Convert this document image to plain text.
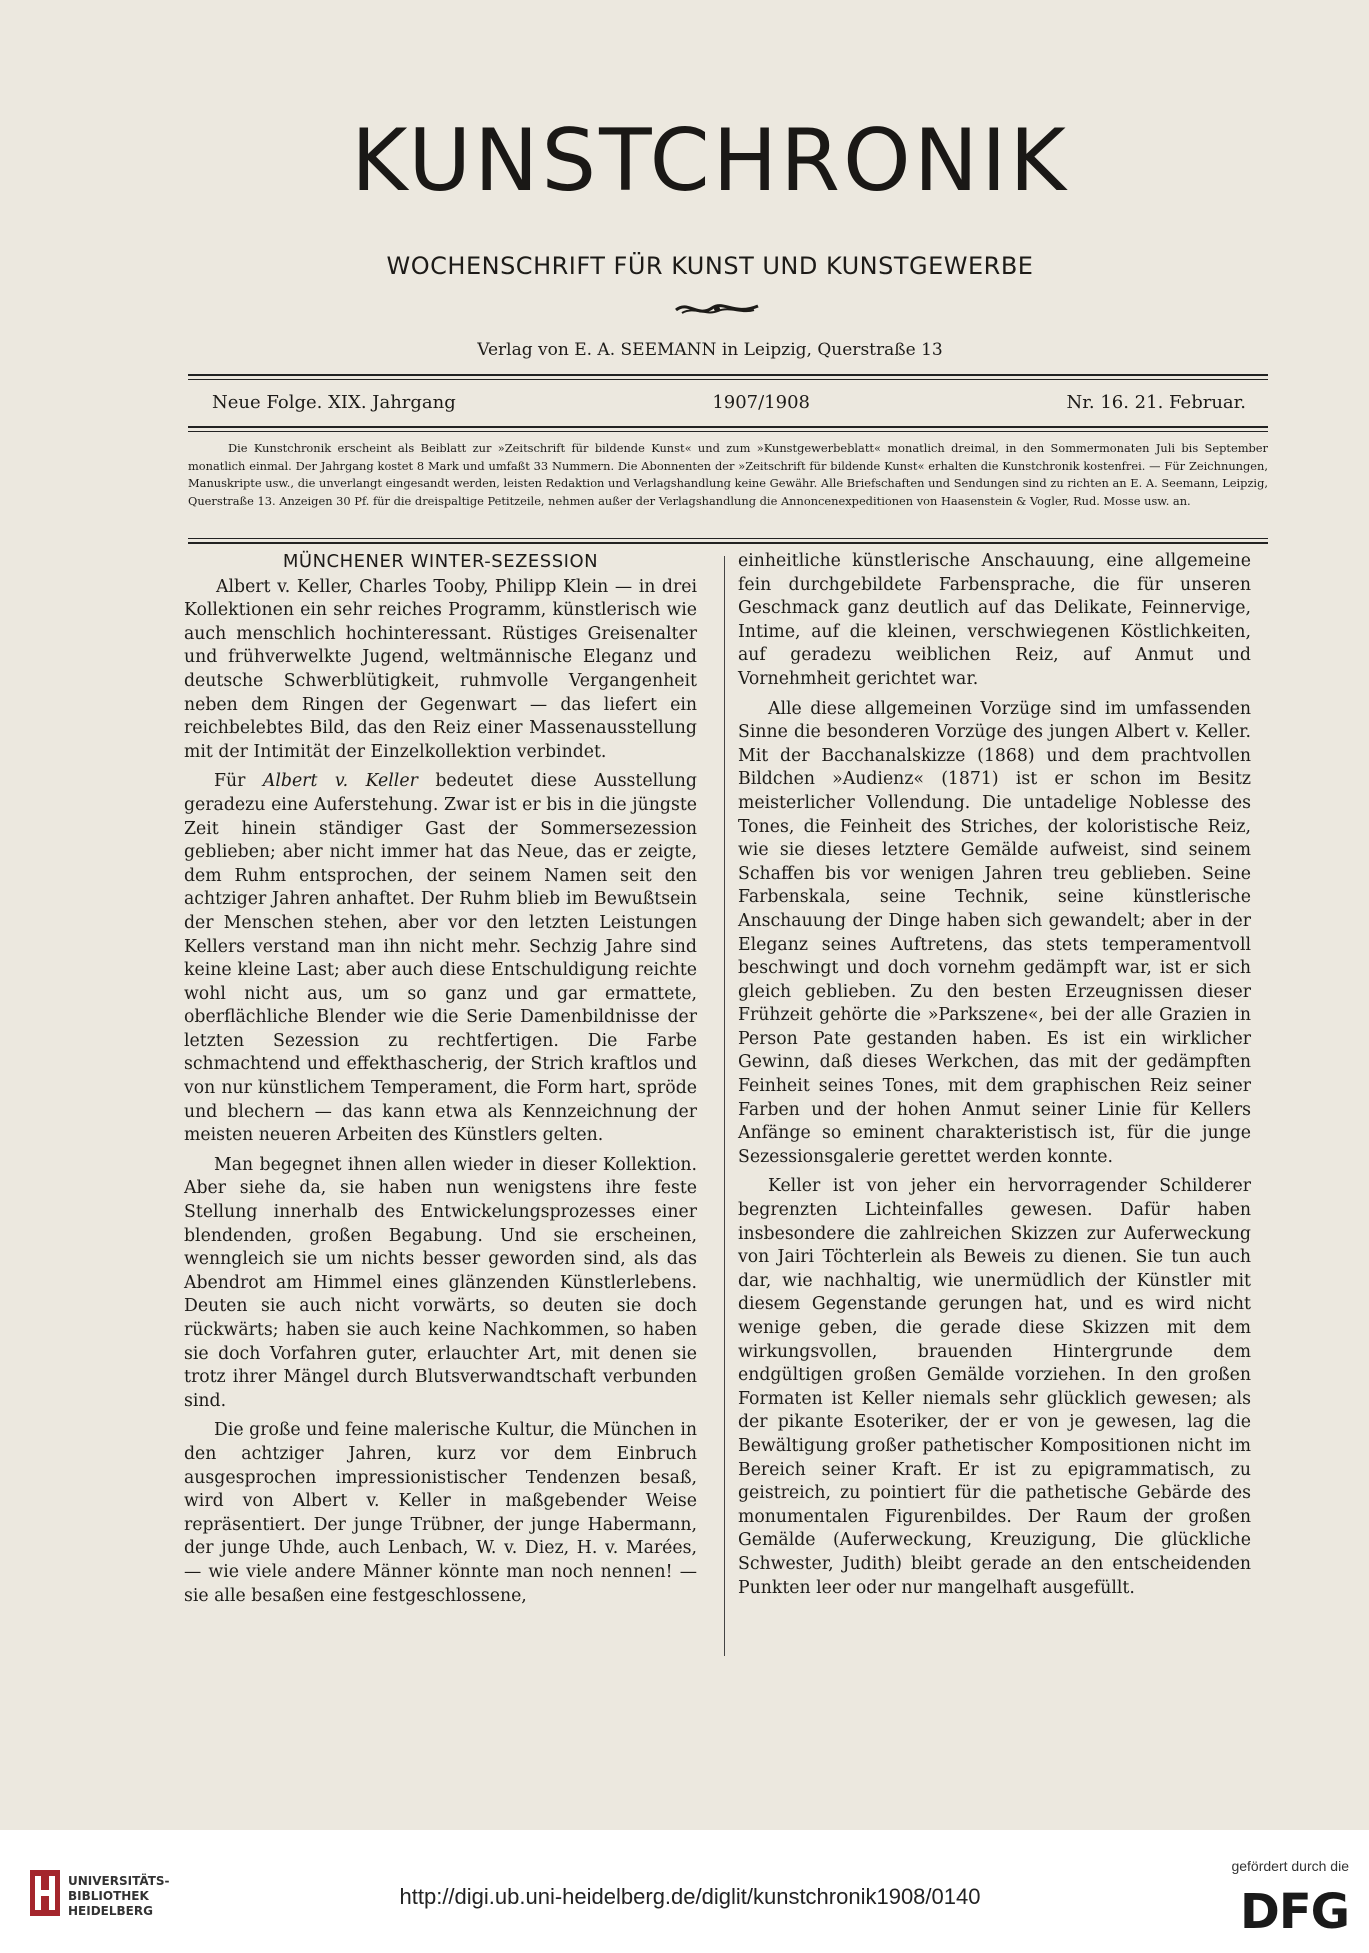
KUNSTCHRONIK
WOCHENSCHRIFT FÜR KUNST UND KUNSTGEWERBE
Verlag von E. A. SEEMANN in Leipzig, Querstraße 13
Neue Folge. XIX. Jahrgang	1907/1908	Nr. 16. 21. Februar.
Die Kunstchronik erscheint als Beiblatt zur »Zeitschrift für bildende Kunst« und zum »Kunstgewerbeblatt« monatlich dreimal, in den Sommermonaten Juli bis September monatlich einmal. Der Jahrgang kostet 8 Mark und umfaßt 33 Nummern. Die Abonnenten der »Zeitschrift für bildende Kunst« erhalten die Kunstchronik kostenfrei. — Für Zeichnungen, Manuskripte usw., die unverlangt eingesandt werden, leisten Redaktion und Verlagshandlung keine Gewähr. Alle Briefschaften und Sendungen sind zu richten an E. A. Seemann, Leipzig, Querstraße 13. Anzeigen 30 Pf. für die dreispaltige Petitzeile, nehmen außer der Verlagshandlung die Annoncenexpeditionen von Haasenstein & Vogler, Rud. Mosse usw. an.
MÜNCHENER WINTER-SEZESSION

Albert v. Keller, Charles Tooby, Philipp Klein — in drei Kollektionen ein sehr reiches Programm, künstlerisch wie auch menschlich hochinteressant. Rüstiges Greisenalter und frühverwelkte Jugend, weltmännische Eleganz und deutsche Schwerblütigkeit, ruhmvolle Vergangenheit neben dem Ringen der Gegenwart — das liefert ein reichbelebtes Bild, das den Reiz einer Massenausstellung mit der Intimität der Einzelkollektion verbindet.

Für Albert v. Keller bedeutet diese Ausstellung geradezu eine Auferstehung. Zwar ist er bis in die jüngste Zeit hinein ständiger Gast der Sommersezession geblieben; aber nicht immer hat das Neue, das er zeigte, dem Ruhm entsprochen, der seinem Namen seit den achtziger Jahren anhaftet. Der Ruhm blieb im Bewußtsein der Menschen stehen, aber vor den letzten Leistungen Kellers verstand man ihn nicht mehr. Sechzig Jahre sind keine kleine Last; aber auch diese Entschuldigung reichte wohl nicht aus, um so ganz und gar ermattete, oberflächliche Blender wie die Serie Damenbildnisse der letzten Sezession zu rechtfertigen. Die Farbe schmachtend und effekthascherig, der Strich kraftlos und von nur künstlichem Temperament, die Form hart, spröde und blechern — das kann etwa als Kennzeichnung der meisten neueren Arbeiten des Künstlers gelten.

Man begegnet ihnen allen wieder in dieser Kollektion. Aber siehe da, sie haben nun wenigstens ihre feste Stellung innerhalb des Entwickelungsprozesses einer blendenden, großen Begabung. Und sie erscheinen, wenngleich sie um nichts besser geworden sind, als das Abendrot am Himmel eines glänzenden Künstlerlebens. Deuten sie auch nicht vorwärts, so deuten sie doch rückwärts; haben sie auch keine Nachkommen, so haben sie doch Vorfahren guter, erlauchter Art, mit denen sie trotz ihrer Mängel durch Blutsverwandtschaft verbunden sind.

Die große und feine malerische Kultur, die München in den achtziger Jahren, kurz vor dem Einbruch ausgesprochen impressionistischer Tendenzen besaß, wird von Albert v. Keller in maßgebender Weise repräsentiert. Der junge Trübner, der junge Habermann, der junge Uhde, auch Lenbach, W. v. Diez, H. v. Marées, — wie viele andere Männer könnte man noch nennen! — sie alle besaßen eine festgeschlossene,

einheitliche künstlerische Anschauung, eine allgemeine fein durchgebildete Farbensprache, die für unseren Geschmack ganz deutlich auf das Delikate, Feinnervige, Intime, auf die kleinen, verschwiegenen Köstlichkeiten, auf geradezu weiblichen Reiz, auf Anmut und Vornehmheit gerichtet war.

Alle diese allgemeinen Vorzüge sind im umfassenden Sinne die besonderen Vorzüge des jungen Albert v. Keller. Mit der Bacchanalskizze (1868) und dem prachtvollen Bildchen »Audienz« (1871) ist er schon im Besitz meisterlicher Vollendung. Die untadelige Noblesse des Tones, die Feinheit des Striches, der koloristische Reiz, wie sie dieses letztere Gemälde aufweist, sind seinem Schaffen bis vor wenigen Jahren treu geblieben. Seine Farbenskala, seine Technik, seine künstlerische Anschauung der Dinge haben sich gewandelt; aber in der Eleganz seines Auftretens, das stets temperamentvoll beschwingt und doch vornehm gedämpft war, ist er sich gleich geblieben. Zu den besten Erzeugnissen dieser Frühzeit gehörte die »Parkszene«, bei der alle Grazien in Person Pate gestanden haben. Es ist ein wirklicher Gewinn, daß dieses Werkchen, das mit der gedämpften Feinheit seines Tones, mit dem graphischen Reiz seiner Farben und der hohen Anmut seiner Linie für Kellers Anfänge so eminent charakteristisch ist, für die junge Sezessionsgalerie gerettet werden konnte.

Keller ist von jeher ein hervorragender Schilderer begrenzten Lichteinfalles gewesen. Dafür haben insbesondere die zahlreichen Skizzen zur Auferweckung von Jairi Töchterlein als Beweis zu dienen. Sie tun auch dar, wie nachhaltig, wie unermüdlich der Künstler mit diesem Gegenstande gerungen hat, und es wird nicht wenige geben, die gerade diese Skizzen mit dem wirkungsvollen, brauenden Hintergrunde dem endgültigen großen Gemälde vorziehen. In den großen Formaten ist Keller niemals sehr glücklich gewesen; als der pikante Esoteriker, der er von je gewesen, lag die Bewältigung großer pathetischer Kompositionen nicht im Bereich seiner Kraft. Er ist zu epigrammatisch, zu geistreich, zu pointiert für die pathetische Gebärde des monumentalen Figurenbildes. Der Raum der großen Gemälde (Auferweckung, Kreuzigung, Die glückliche Schwester, Judith) bleibt gerade an den entscheidenden Punkten leer oder nur mangelhaft ausgefüllt.

UNIVERSITÄTS-
BIBLIOTHEK
HEIDELBERG
http://digi.ub.uni-heidelberg.de/diglit/kunstchronik1908/0140
gefördert durch die
DFG
